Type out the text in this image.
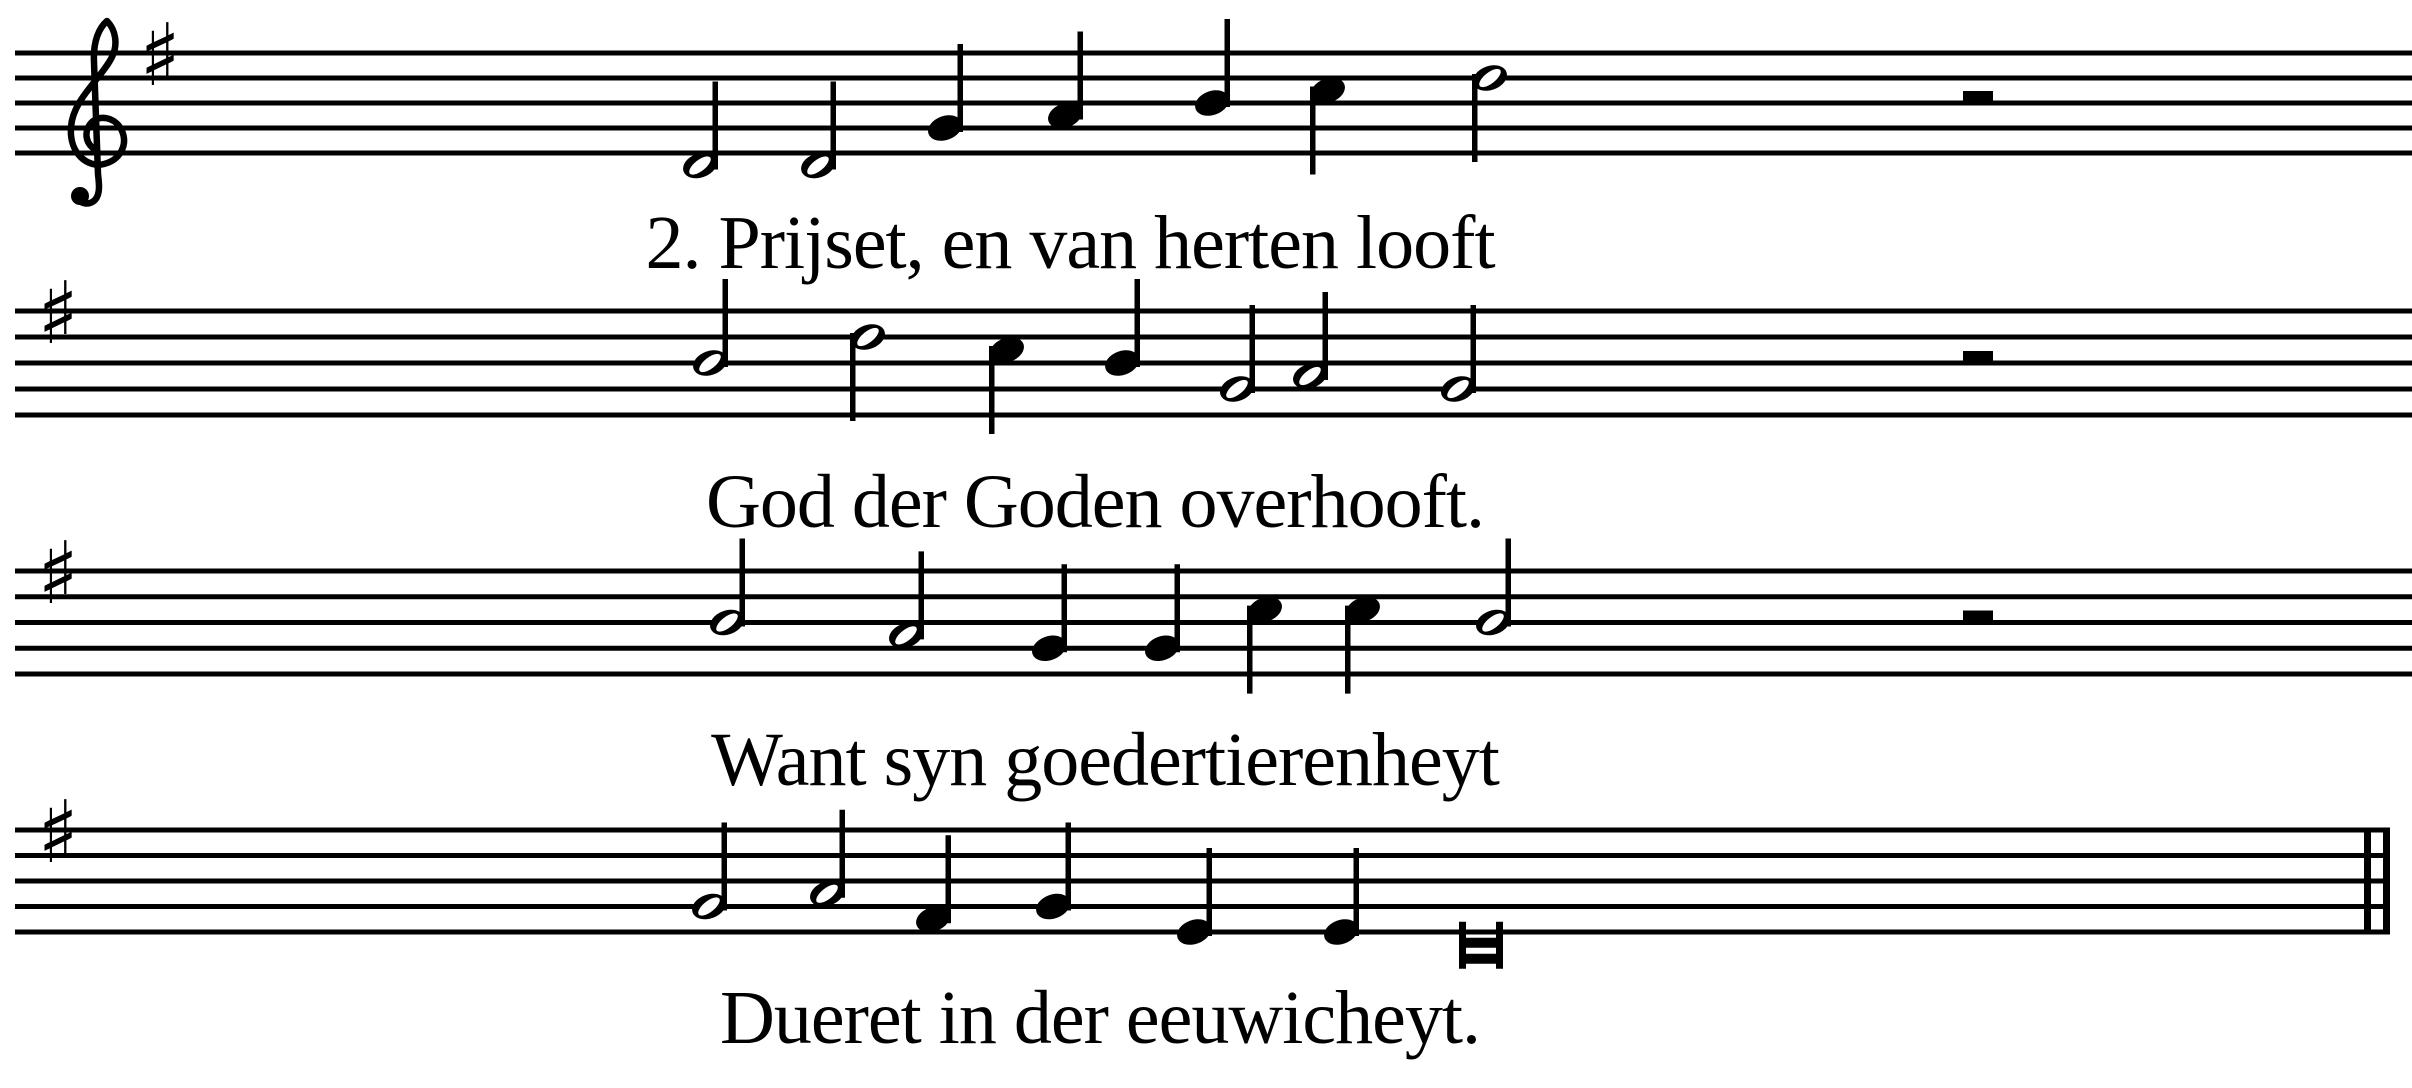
♯
♯
♯
♯
2. Prijset, en van herten looft
God der Goden overhooft.
Want syn goedertierenheyt
Dueret in der eeuwicheyt.
